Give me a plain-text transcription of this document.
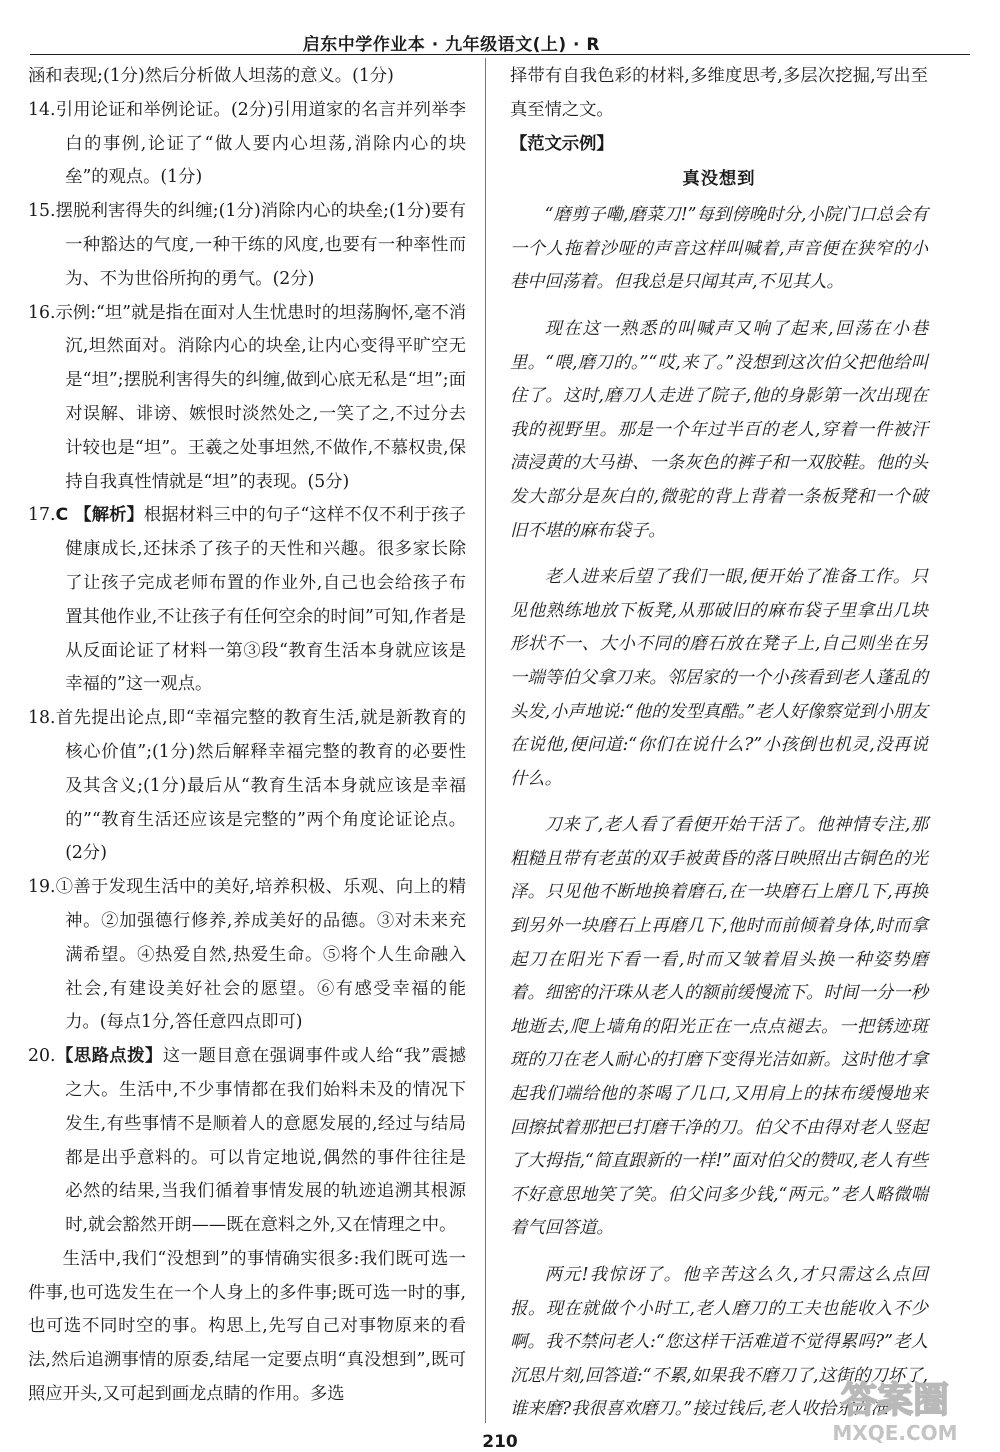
启东中学作业本 · 九年级语文(上) · R

涵和表现;(1分)然后分析做人坦荡的意义。(1分)

14.引用论证和举例论证。(2分)引用道家的名言并列举李白的事例,论证了“做人要内心坦荡,消除内心的块垒”的观点。(1分)

15.摆脱利害得失的纠缠;(1分)消除内心的块垒;(1分)要有一种豁达的气度,一种干练的风度,也要有一种率性而为、不为世俗所拘的勇气。(2分)

16.示例:“坦”就是指在面对人生忧患时的坦荡胸怀,毫不消沉,坦然面对。消除内心的块垒,让内心变得平旷空无是“坦”;摆脱利害得失的纠缠,做到心底无私是“坦”;面对误解、诽谤、嫉恨时淡然处之,一笑了之,不过分去计较也是“坦”。王羲之处事坦然,不做作,不慕权贵,保持自我真性情就是“坦”的表现。(5分)

17.C 【解析】根据材料三中的句子“这样不仅不利于孩子健康成长,还抹杀了孩子的天性和兴趣。很多家长除了让孩子完成老师布置的作业外,自己也会给孩子布置其他作业,不让孩子有任何空余的时间”可知,作者是从反面论证了材料一第③段“教育生活本身就应该是幸福的”这一观点。

18.首先提出论点,即“幸福完整的教育生活,就是新教育的核心价值”;(1分)然后解释幸福完整的教育的必要性及其含义;(1分)最后从“教育生活本身就应该是幸福的”“教育生活还应该是完整的”两个角度论证论点。(2分)

19.①善于发现生活中的美好,培养积极、乐观、向上的精神。②加强德行修养,养成美好的品德。③对未来充满希望。④热爱自然,热爱生命。⑤将个人生命融入社会,有建设美好社会的愿望。⑥有感受幸福的能力。(每点1分,答任意四点即可)

20.【思路点拨】这一题目意在强调事件或人给“我”震撼之大。生活中,不少事情都在我们始料未及的情况下发生,有些事情不是顺着人的意愿发展的,经过与结局都是出乎意料的。可以肯定地说,偶然的事件往往是必然的结果,当我们循着事情发展的轨迹追溯其根源时,就会豁然开朗——既在意料之外,又在情理之中。

生活中,我们“没想到”的事情确实很多:我们既可选一件事,也可选发生在一个人身上的多件事;既可选一时的事,也可选不同时空的事。构思上,先写自己对事物原来的看法,然后追溯事情的原委,结尾一定要点明“真没想到”,既可照应开头,又可起到画龙点睛的作用。多选

择带有自我色彩的材料,多维度思考,多层次挖掘,写出至真至情之文。

【范文示例】

真没想到

“磨剪子嘞,磨菜刀!”每到傍晚时分,小院门口总会有一个人拖着沙哑的声音这样叫喊着,声音便在狭窄的小巷中回荡着。但我总是只闻其声,不见其人。

现在这一熟悉的叫喊声又响了起来,回荡在小巷里。“喂,磨刀的。”“哎,来了。”没想到这次伯父把他给叫住了。这时,磨刀人走进了院子,他的身影第一次出现在我的视野里。那是一个年过半百的老人,穿着一件被汗渍浸黄的大马褂、一条灰色的裤子和一双胶鞋。他的头发大部分是灰白的,微驼的背上背着一条板凳和一个破旧不堪的麻布袋子。

老人进来后望了我们一眼,便开始了准备工作。只见他熟练地放下板凳,从那破旧的麻布袋子里拿出几块形状不一、大小不同的磨石放在凳子上,自己则坐在另一端等伯父拿刀来。邻居家的一个小孩看到老人蓬乱的头发,小声地说:“他的发型真酷。”老人好像察觉到小朋友在说他,便问道:“你们在说什么?”小孩倒也机灵,没再说什么。

刀来了,老人看了看便开始干活了。他神情专注,那粗糙且带有老茧的双手被黄昏的落日映照出古铜色的光泽。只见他不断地换着磨石,在一块磨石上磨几下,再换到另外一块磨石上再磨几下,他时而前倾着身体,时而拿起刀在阳光下看一看,时而又皱着眉头换一种姿势磨着。细密的汗珠从老人的额前缓慢流下。时间一分一秒地逝去,爬上墙角的阳光正在一点点褪去。一把锈迹斑斑的刀在老人耐心的打磨下变得光洁如新。这时他才拿起我们端给他的茶喝了几口,又用肩上的抹布缓慢地来回擦拭着那把已打磨干净的刀。伯父不由得对老人竖起了大拇指,“简直跟新的一样!”面对伯父的赞叹,老人有些不好意思地笑了笑。伯父问多少钱,“两元。”老人略微喘着气回答道。

两元!我惊讶了。他辛苦这么久,才只需这么点回报。现在就做个小时工,老人磨刀的工夫也能收入不少啊。我不禁问老人:“您这样干活难道不觉得累吗?”老人沉思片刻,回答道:“不累,如果我不磨刀了,这街的刀坏了,谁来磨?我很喜欢磨刀。”接过钱后,老人收拾东西准

答案圈
MXQE.COM
210
